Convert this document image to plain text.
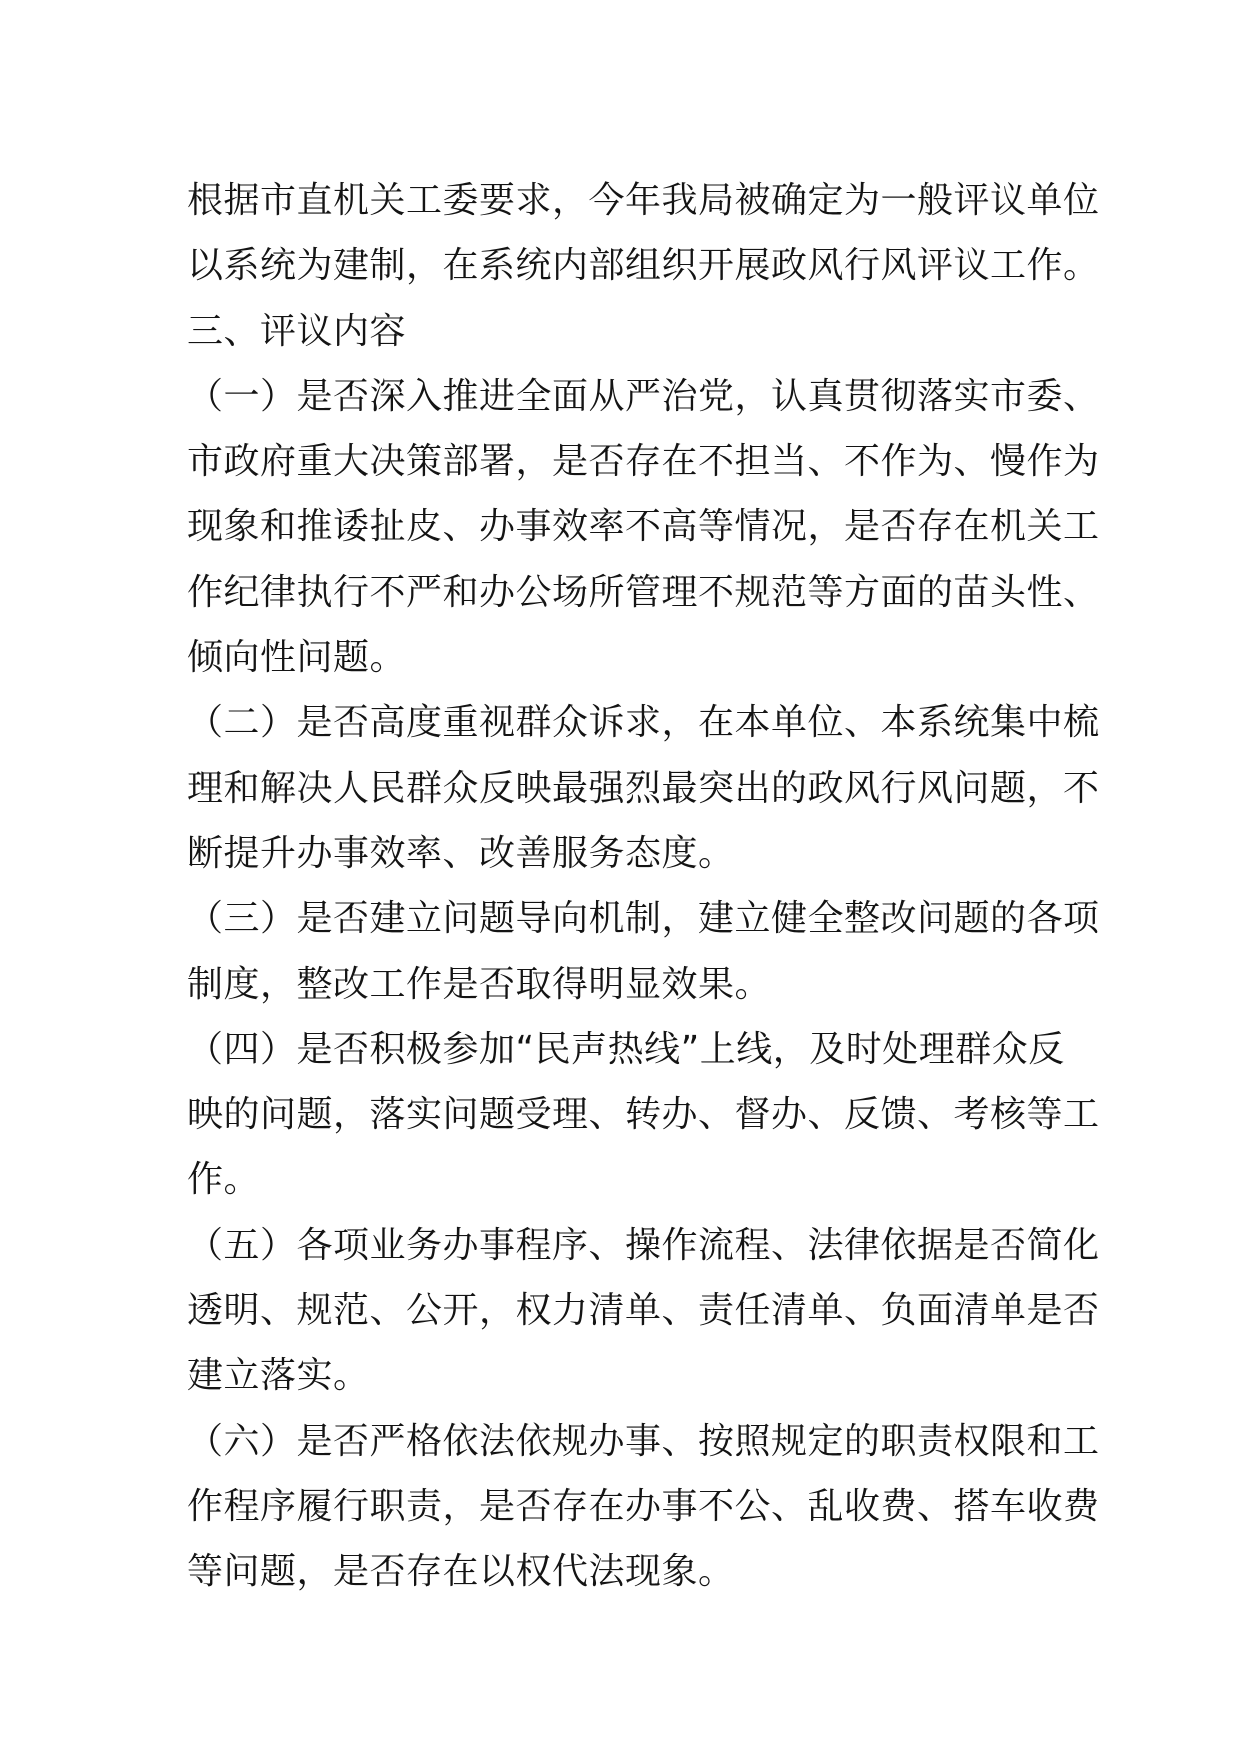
根据市直机关工委要求，今年我局被确定为一般评议单位
以系统为建制，在系统内部组织开展政风行风评议工作。
三、评议内容
（一）是否深入推进全面从严治党，认真贯彻落实市委、
市政府重大决策部署，是否存在不担当、不作为、慢作为
现象和推诿扯皮、办事效率不高等情况，是否存在机关工
作纪律执行不严和办公场所管理不规范等方面的苗头性、
倾向性问题。
（二）是否高度重视群众诉求，在本单位、本系统集中梳
理和解决人民群众反映最强烈最突出的政风行风问题，不
断提升办事效率、改善服务态度。
（三）是否建立问题导向机制，建立健全整改问题的各项
制度，整改工作是否取得明显效果。
（四）是否积极参加“民声热线”上线，及时处理群众反
映的问题，落实问题受理、转办、督办、反馈、考核等工
作。
（五）各项业务办事程序、操作流程、法律依据是否简化
透明、规范、公开，权力清单、责任清单、负面清单是否
建立落实。
（六）是否严格依法依规办事、按照规定的职责权限和工
作程序履行职责，是否存在办事不公、乱收费、搭车收费
等问题，是否存在以权代法现象。
